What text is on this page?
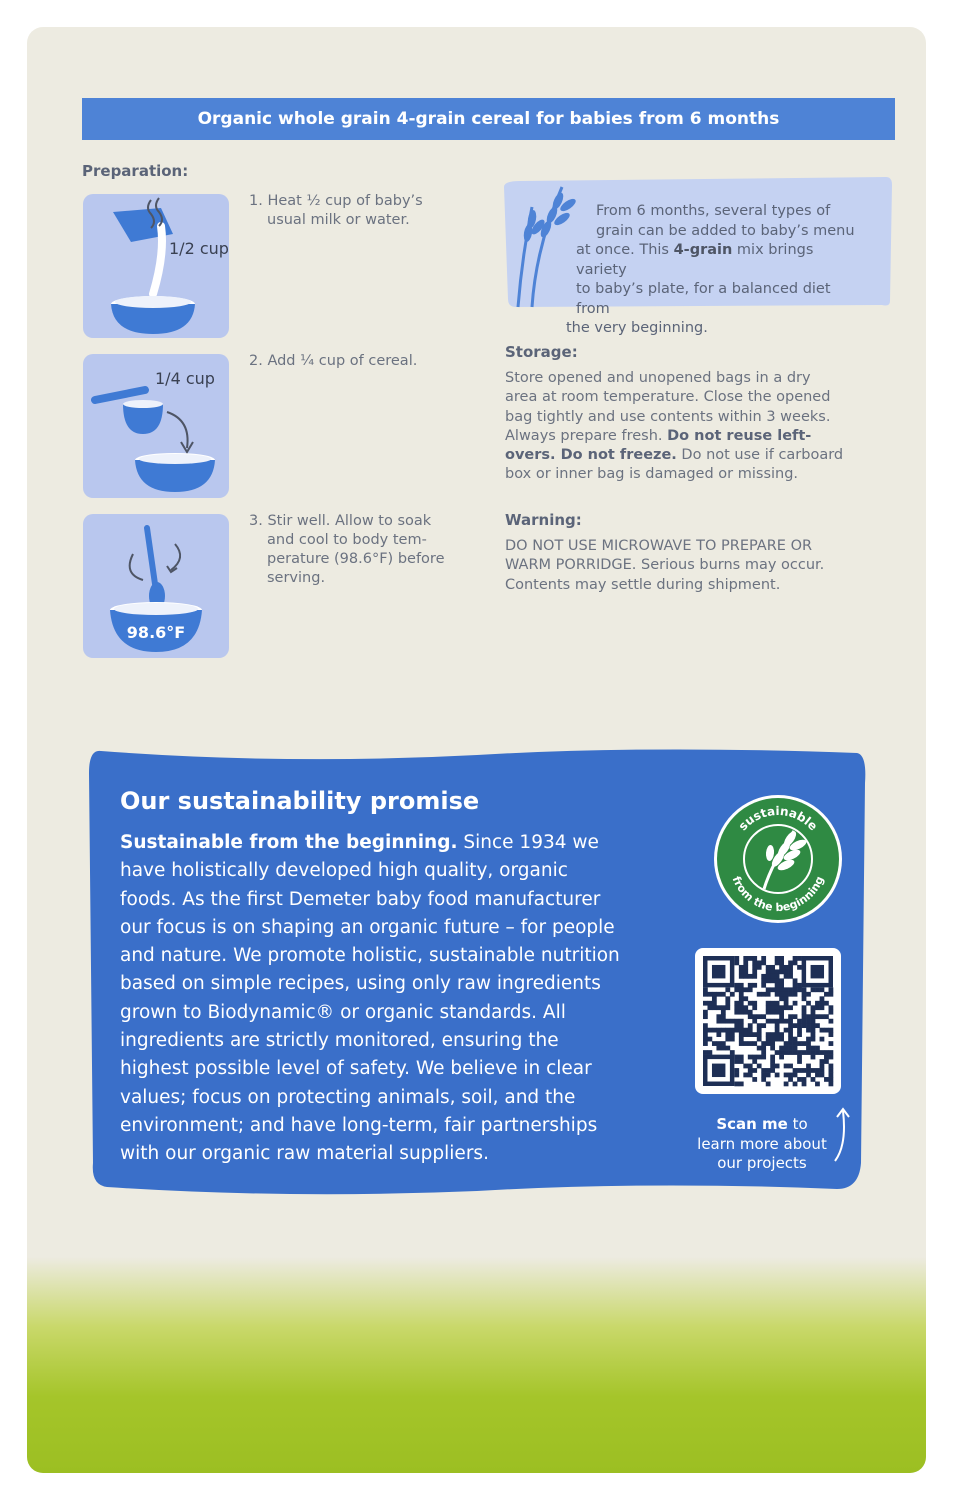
Organic whole grain 4-grain cereal for babies from 6 months
Preparation:
1/2 cup
1. Heat ½ cup of baby’s
usual milk or water.
1/4 cup
2. Add ¼ cup of cereal.
98.6°F
3. Stir well. Allow to soak
and cool to body tem-
perature (98.6°F) before
serving.
From 6 months, several types of
grain can be added to baby’s menu
at once. This 4-grain mix brings variety
to baby’s plate, for a balanced diet from
the very beginning.
Storage:
Store opened and unopened bags in a dry
area at room temperature. Close the opened
bag tightly and use contents within 3 weeks.
Always prepare fresh. Do not reuse left-
overs. Do not freeze. Do not use if carboard
box or inner bag is damaged or missing.
Warning:
DO NOT USE MICROWAVE TO PREPARE OR
WARM PORRIDGE. Serious burns may occur.
Contents may settle during shipment.
Our sustainability promise
Sustainable from the beginning. Since 1934 we
have holistically developed high quality, organic
foods. As the first Demeter baby food manufacturer
our focus is on shaping an organic future – for people
and nature. We promote holistic, sustainable nutrition
based on simple recipes, using only raw ingredients
grown to Biodynamic® or organic standards. All
ingredients are strictly monitored, ensuring the
highest possible level of safety. We believe in clear
values; focus on protecting animals, soil, and the
environment; and have long-term, fair partnerships
with our organic raw material suppliers.
sustainable
from the beginning
Scan me to
learn more about
our projects
